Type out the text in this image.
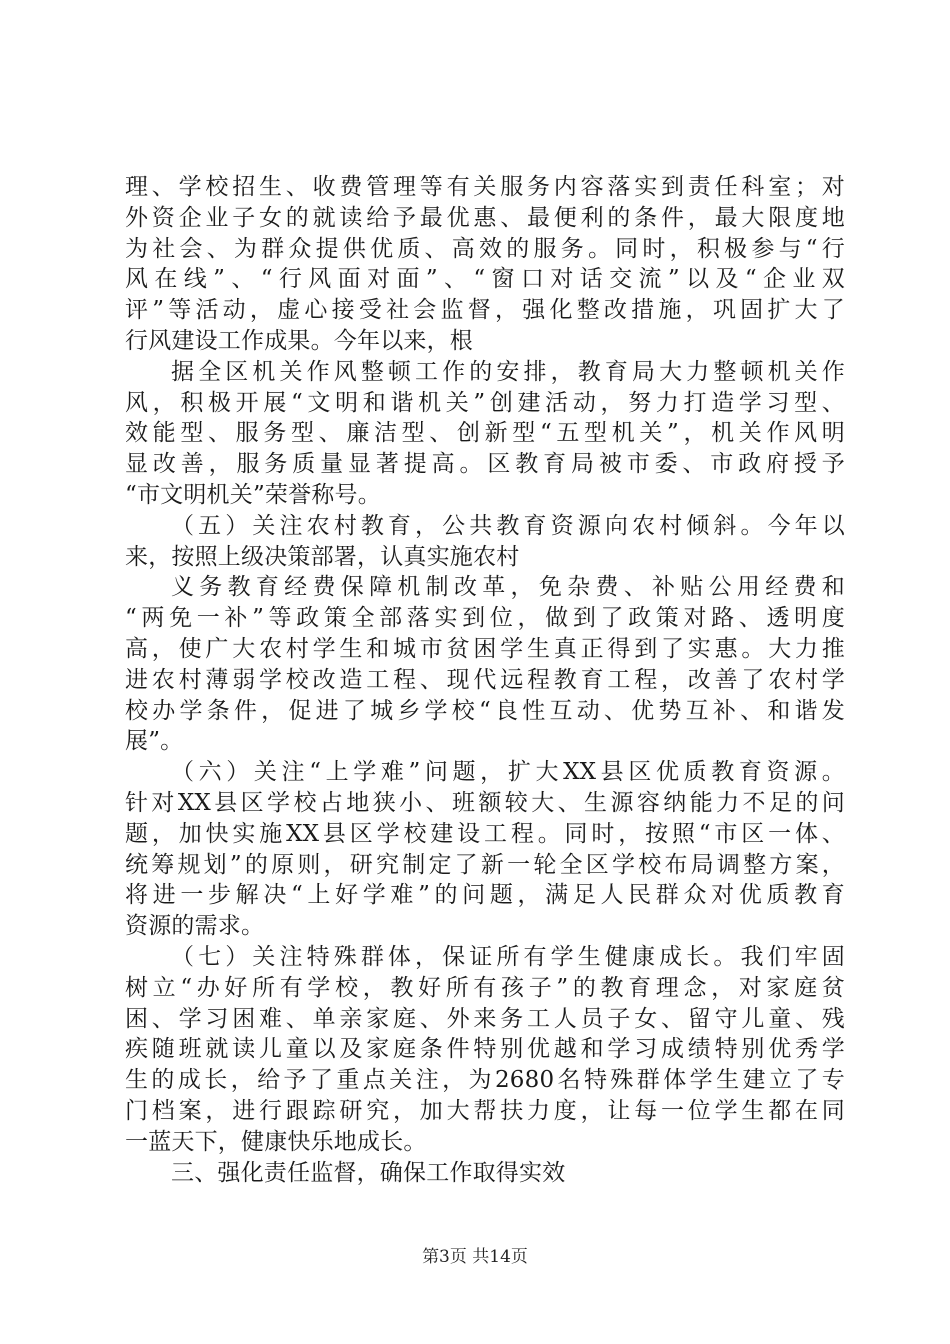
理、学校招生、收费管理等有关服务内容落实到责任科室；对
外资企业子女的就读给予最优惠、最便利的条件，最大限度地
为社会、为群众提供优质、高效的服务。同时，积极参与“行
风在线”、“行风面对面”、“窗口对话交流”以及“企业双
评”等活动，虚心接受社会监督，强化整改措施，巩固扩大了
行风建设工作成果。今年以来，根
据全区机关作风整顿工作的安排，教育局大力整顿机关作
风，积极开展“文明和谐机关”创建活动，努力打造学习型、
效能型、服务型、廉洁型、创新型“五型机关”，机关作风明
显改善，服务质量显著提高。区教育局被市委、市政府授予
“市文明机关”荣誉称号。
（五）关注农村教育，公共教育资源向农村倾斜。今年以
来，按照上级决策部署，认真实施农村
义务教育经费保障机制改革，免杂费、补贴公用经费和
“两免一补”等政策全部落实到位，做到了政策对路、透明度
高，使广大农村学生和城市贫困学生真正得到了实惠。大力推
进农村薄弱学校改造工程、现代远程教育工程，改善了农村学
校办学条件，促进了城乡学校“良性互动、优势互补、和谐发
展”。
（六）关注“上学难”问题，扩大XX县区优质教育资源。
针对XX县区学校占地狭小、班额较大、生源容纳能力不足的问
题，加快实施XX县区学校建设工程。同时，按照“市区一体、
统筹规划”的原则，研究制定了新一轮全区学校布局调整方案，
将进一步解决“上好学难”的问题，满足人民群众对优质教育
资源的需求。
（七）关注特殊群体，保证所有学生健康成长。我们牢固
树立“办好所有学校，教好所有孩子”的教育理念，对家庭贫
困、学习困难、单亲家庭、外来务工人员子女、留守儿童、残
疾随班就读儿童以及家庭条件特别优越和学习成绩特别优秀学
生的成长，给予了重点关注，为2680名特殊群体学生建立了专
门档案，进行跟踪研究，加大帮扶力度，让每一位学生都在同
一蓝天下，健康快乐地成长。
三、强化责任监督，确保工作取得实效
第3页 共14页
